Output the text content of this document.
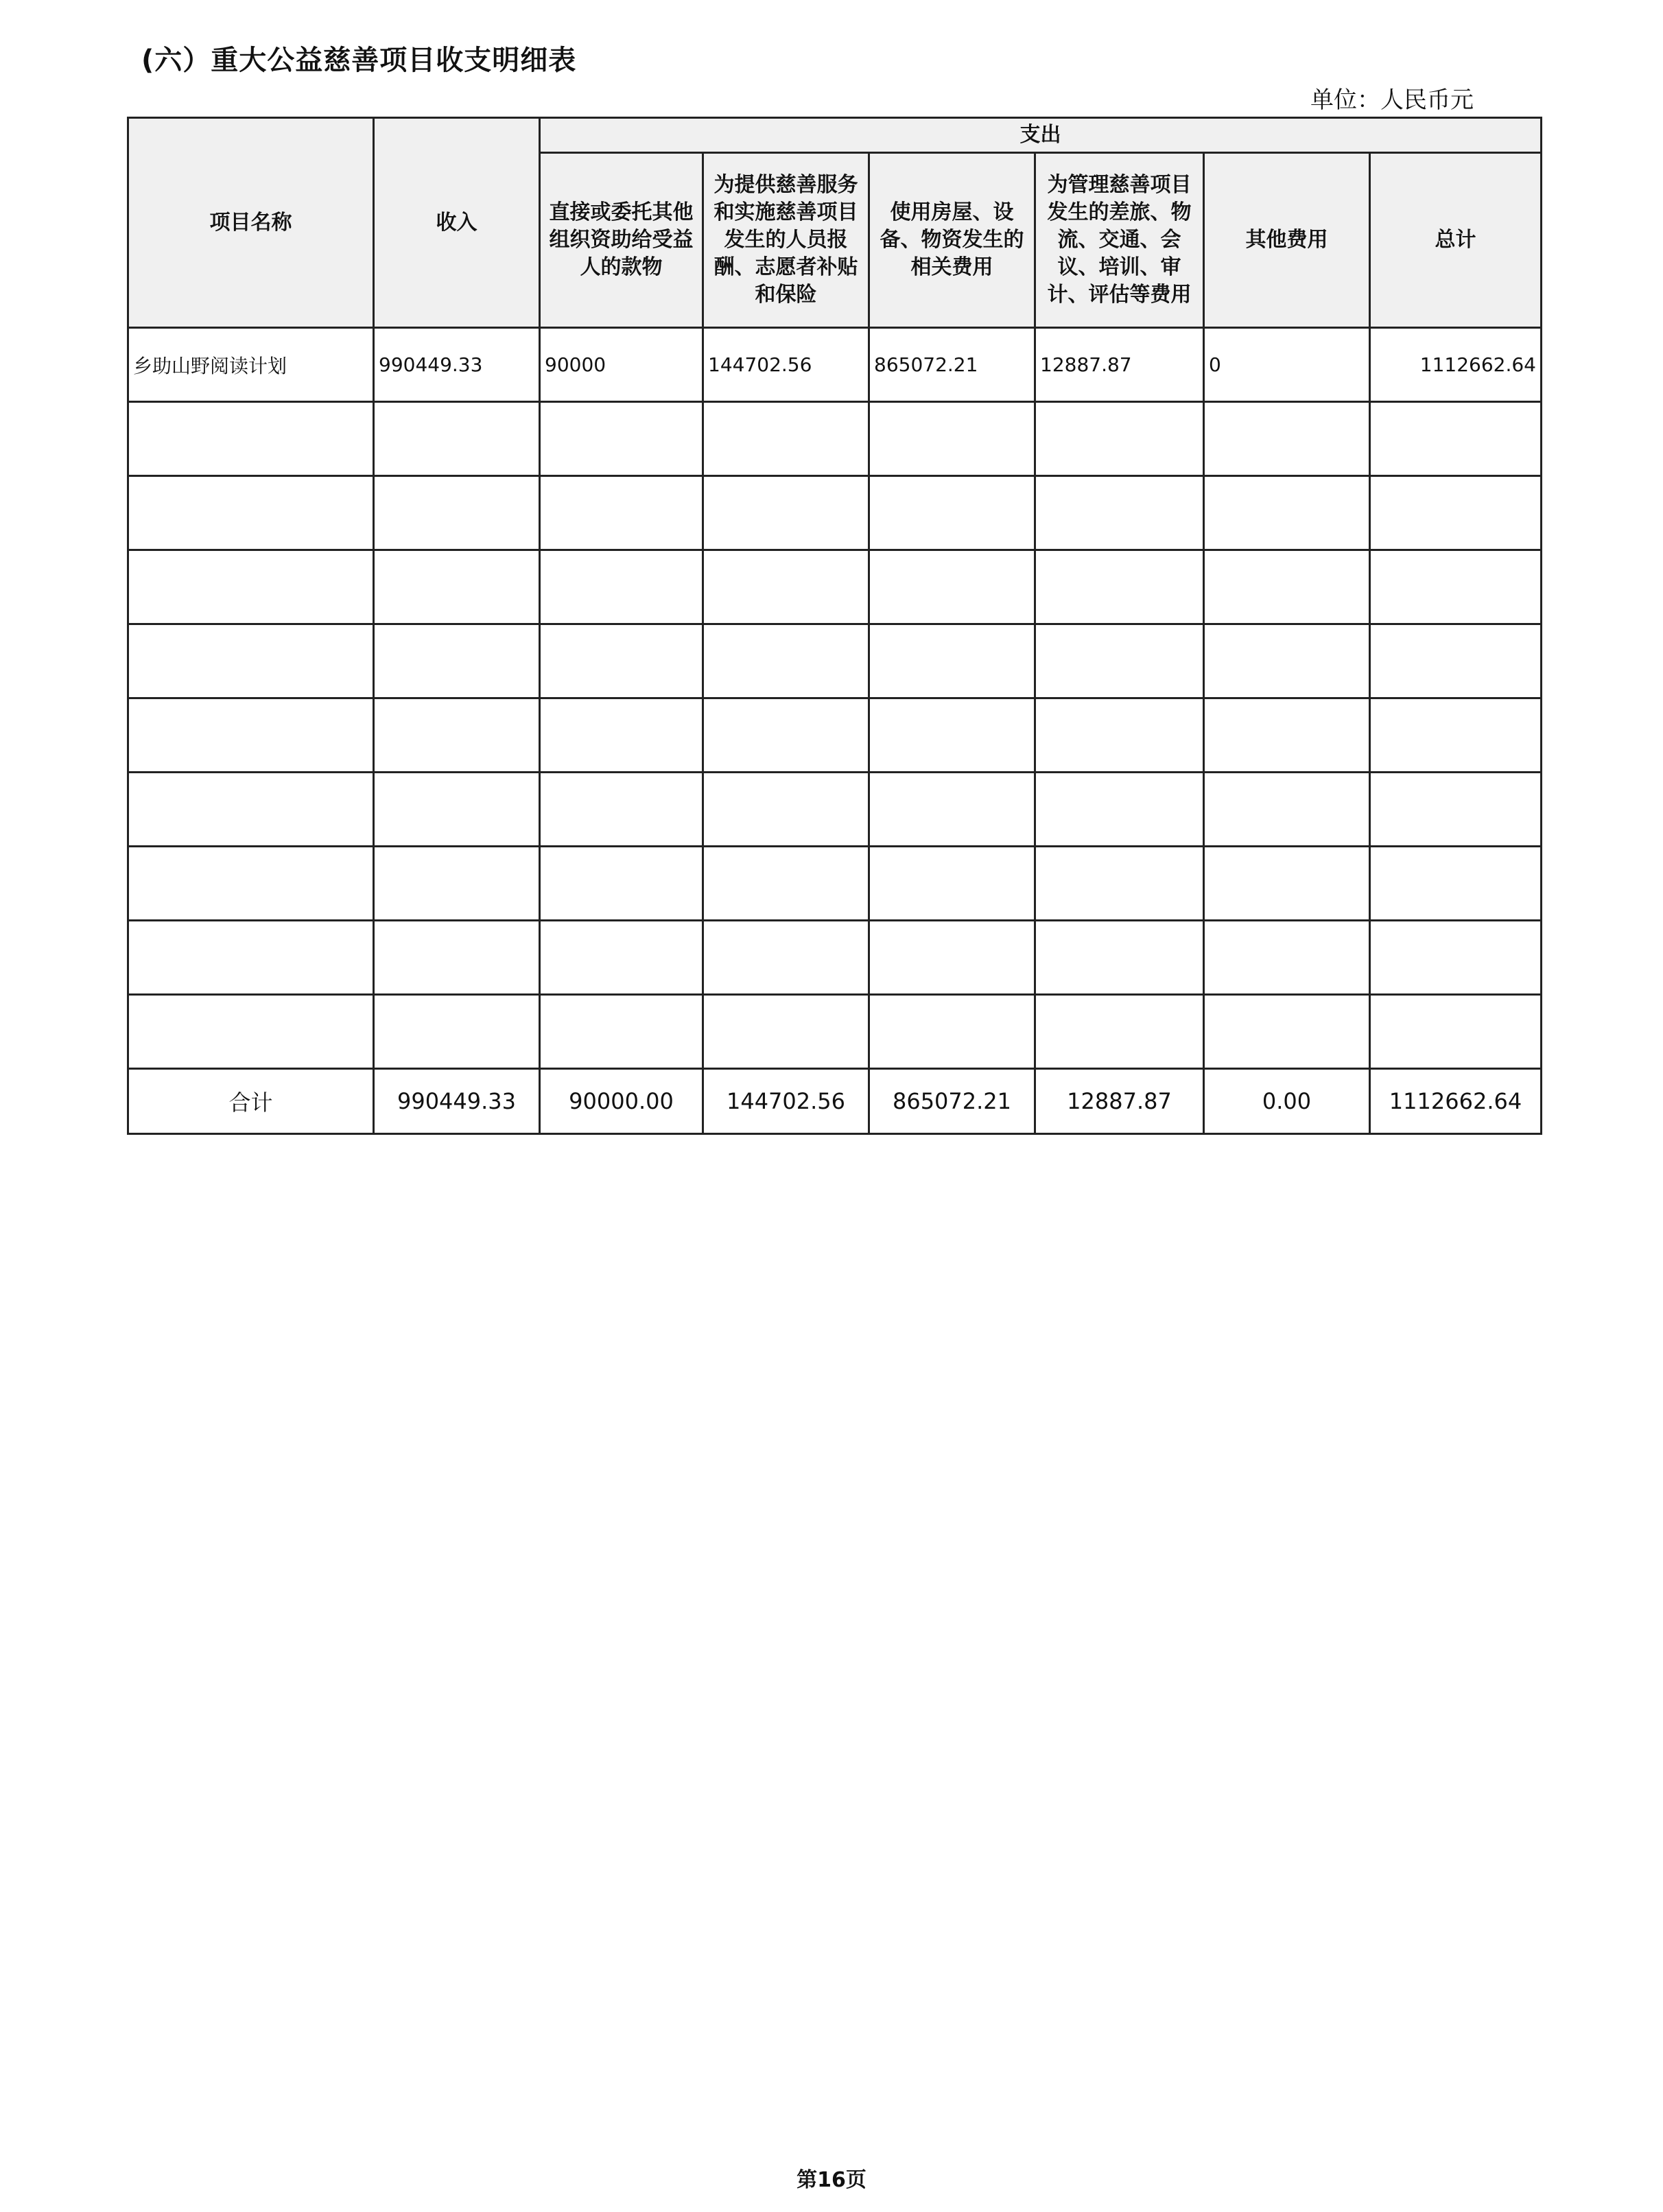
(六）重大公益慈善项目收支明细表
单位：人民币元
项目名称	收入	支出					
		直接或委托其他组织资助给受益人的款物	为提供慈善服务和实施慈善项目发生的人员报酬、志愿者补贴和保险	使用房屋、设备、物资发生的相关费用	为管理慈善项目发生的差旅、物流、交通、会议、培训、审计、评估等费用	其他费用	总计
乡助山野阅读计划	990449.33	90000	144702.56	865072.21	12887.87	0	1112662.64

合计	990449.33	90000.00	144702.56	865072.21	12887.87	0.00	1112662.64
第16页
